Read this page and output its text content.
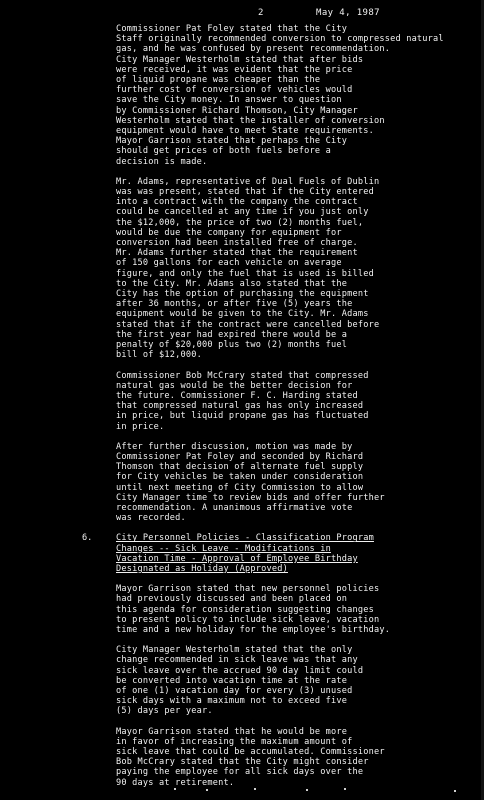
2	May 4, 1987

Commissioner Pat Foley stated that the City
Staff originally recommended conversion to compressed natural
gas, and he was confused by present recommendation.
City Manager Westerholm stated that after bids
were received, it was evident that the price
of liquid propane was cheaper than the
further cost of conversion of vehicles would
save the City money. In answer to question
by Commissioner Richard Thomson, City Manager
Westerholm stated that the installer of conversion
equipment would have to meet State requirements.
Mayor Garrison stated that perhaps the City
should get prices of both fuels before a
decision is made.

Mr. Adams, representative of Dual Fuels of Dublin
was was present, stated that if the City entered
into a contract with the company the contract
could be cancelled at any time if you just only
the $12,000, the price of two (2) months fuel,
would be due the company for equipment for
conversion had been installed free of charge.
Mr. Adams further stated that the requirement
of 150 gallons for each vehicle on average
figure, and only the fuel that is used is billed
to the City. Mr. Adams also stated that the
City has the option of purchasing the equipment
after 36 months, or after five (5) years the
equipment would be given to the City. Mr. Adams
stated that if the contract were cancelled before
the first year had expired there would be a
penalty of $20,000 plus two (2) months fuel
bill of $12,000.

Commissioner Bob McCrary stated that compressed
natural gas would be the better decision for
the future. Commissioner F. C. Harding stated
that compressed natural gas has only increased
in price, but liquid propane gas has fluctuated
in price.

After further discussion, motion was made by
Commissioner Pat Foley and seconded by Richard
Thomson that decision of alternate fuel supply
for City vehicles be taken under consideration
until next meeting of City Commission to allow
City Manager time to review bids and offer further
recommendation. A unanimous affirmative vote
was recorded.

6.	City Personnel Policies - Classification Program
Changes -- Sick Leave - Modifications in
Vacation Time - Approval of Employee Birthday
Designated as Holiday (Approved)

Mayor Garrison stated that new personnel policies
had previously discussed and been placed on
this agenda for consideration suggesting changes
to present policy to include sick leave, vacation
time and a new holiday for the employee's birthday.

City Manager Westerholm stated that the only
change recommended in sick leave was that any
sick leave over the accrued 90 day limit could
be converted into vacation time at the rate
of one (1) vacation day for every (3) unused
sick days with a maximum not to exceed five
(5) days per year.

Mayor Garrison stated that he would be more
in favor of increasing the maximum amount of
sick leave that could be accumulated. Commissioner
Bob McCrary stated that the City might consider
paying the employee for all sick days over the
90 days at retirement.
